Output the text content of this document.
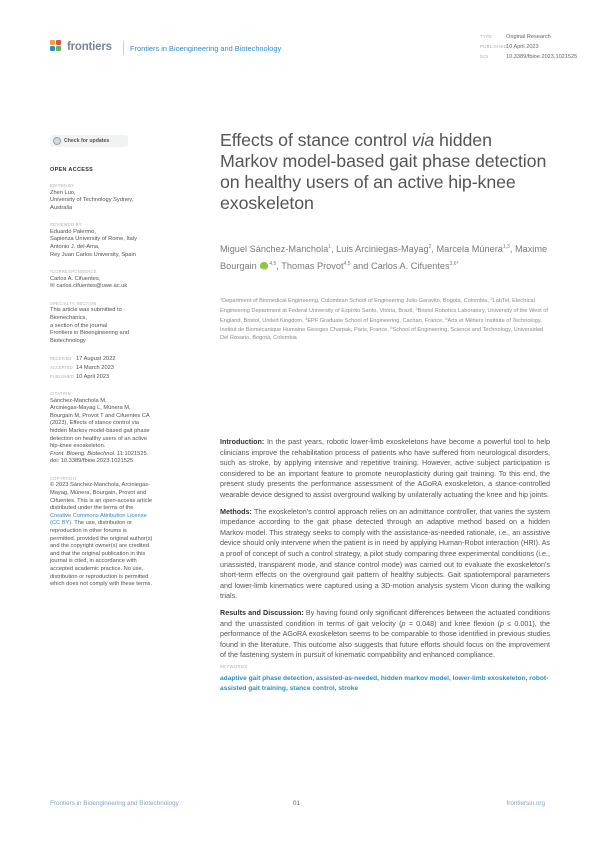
frontiers Frontiers in Bioengineering and Biotechnology
TYPE Original Research
PUBLISHED10 April 2023
DOI	10.3389/fbioe.2023.1021525
Check for updates
OPEN ACCESS
EDITED BY
Zhen Luo,
University of Technology Sydney,
Australia
REVIEWED BY
Eduardo Palermo,
Sapienza University of Rome, Italy
Antonio J. del-Ama,
Rey Juan Carlos University, Spain
*CORRESPONDENCE
Carlos A. Cifuentes,
✉ carlos.cifuentes@uwe.ac.uk
SPECIALTY SECTION
This article was submitted to
Biomechanics,
a section of the journal
Frontiers in Bioengineering and
Biotechnology
RECEIVED 17 August 2022
ACCEPTED 14 March 2023
PUBLISHED 10 April 2023
CITATION
Sánchez-Manchola M,
Arciniegas-Mayag L, Múnera M,
Bourgain M, Provot T and Cifuentes CA
(2023), Effects of stance control via
hidden Markov model-based gait phase
detection on healthy users of an active
hip-knee exoskeleton.
Front. Bioeng. Biotechnol. 11:1021525.
doi: 10.3389/fbioe.2023.1021525
COPYRIGHT
© 2023 Sánchez-Manchola, Arciniegas-
Mayag, Múnera, Bourgain, Provot and
Cifuentes. This is an open-access article
distributed under the terms of the
Creative Commons Attribution License
(CC BY). The use, distribution or
reproduction in other forums is
permitted, provided the original author(s)
and the copyright owner(s) are credited
and that the original publication in this
journal is cited, in accordance with
accepted academic practice. No use,
distribution or reproduction is permitted
which does not comply with these terms.
Effects of stance control via hidden Markov model-based gait phase detection on healthy users of an active hip-knee exoskeleton
Miguel Sánchez-Manchola$^1$, Luis Arciniegas-Mayag$^2$, Marcela Múnera$^{1,3}$, Maxime Bourgain iD	$^{4,5}$, Thomas Provot$^{4,5}$ and Carlos A. Cifuentes$^{3,6*}$
$^1$Department of Biomedical Engineering, Colombian School of Engineering Julio Garavito, Bogotá, Colombia, $^2$LabTel, Electrical Engineering Department at Federal University of Espírito Santo, Vitória, Brazil, $^3$Bristol Robotics Laboratory, University of the West of England, Bristol, United Kingdom, $^4$EPF Graduate School of Engineering, Cachan, France, $^5$Arts et Métiers Institute of Technology, Institut de Biomécanique Humaine Georges Charpak, Paris, France, $^6$School of Engineering, Science and Technology, Universidad Del Rosario, Bogotá, Colombia

Introduction: In the past years, robotic lower-limb exoskeletons have become a powerful tool to help clinicians improve the rehabilitation process of patients who have suffered from neurological disorders, such as stroke, by applying intensive and repetitive training. However, active subject participation is considered to be an important feature to promote neuroplasticity during gait training. To this end, the present study presents the performance assessment of the AGoRA exoskeleton, a stance-controlled wearable device designed to assist overground walking by unilaterally actuating the knee and hip joints.

Methods: The exoskeleton's control approach relies on an admittance controller, that varies the system impedance according to the gait phase detected through an adaptive method based on a hidden Markov model. This strategy seeks to comply with the assistance-as-needed rationale, i.e., an assistive device should only intervene when the patient is in need by applying Human-Robot interaction (HRI). As a proof of concept of such a control strategy, a pilot study comparing three experimental conditions (i.e., unassisted, transparent mode, and stance control mode) was carried out to evaluate the exoskeleton's short-term effects on the overground gait pattern of healthy subjects. Gait spatiotemporal parameters and lower-limb kinematics were captured using a 3D-motion analysis system Vicon during the walking trials.

Results and Discussion: By having found only significant differences between the actuated conditions and the unassisted condition in terms of gait velocity (p = 0.048) and knee flexion (p ≤ 0.001), the performance of the AGoRA exoskeleton seems to be comparable to those identified in previous studies found in the literature. This outcome also suggests that future efforts should focus on the improvement of the fastening system in pursuit of kinematic compatibility and enhanced compliance.

KEYWORDS
adaptive gait phase detection, assisted-as-needed, hidden markov model, lower-limb exoskeleton, robot-assisted gait training, stance control, stroke
Frontiers in Bioengineering and Biotechnology	01	frontiersin.org
